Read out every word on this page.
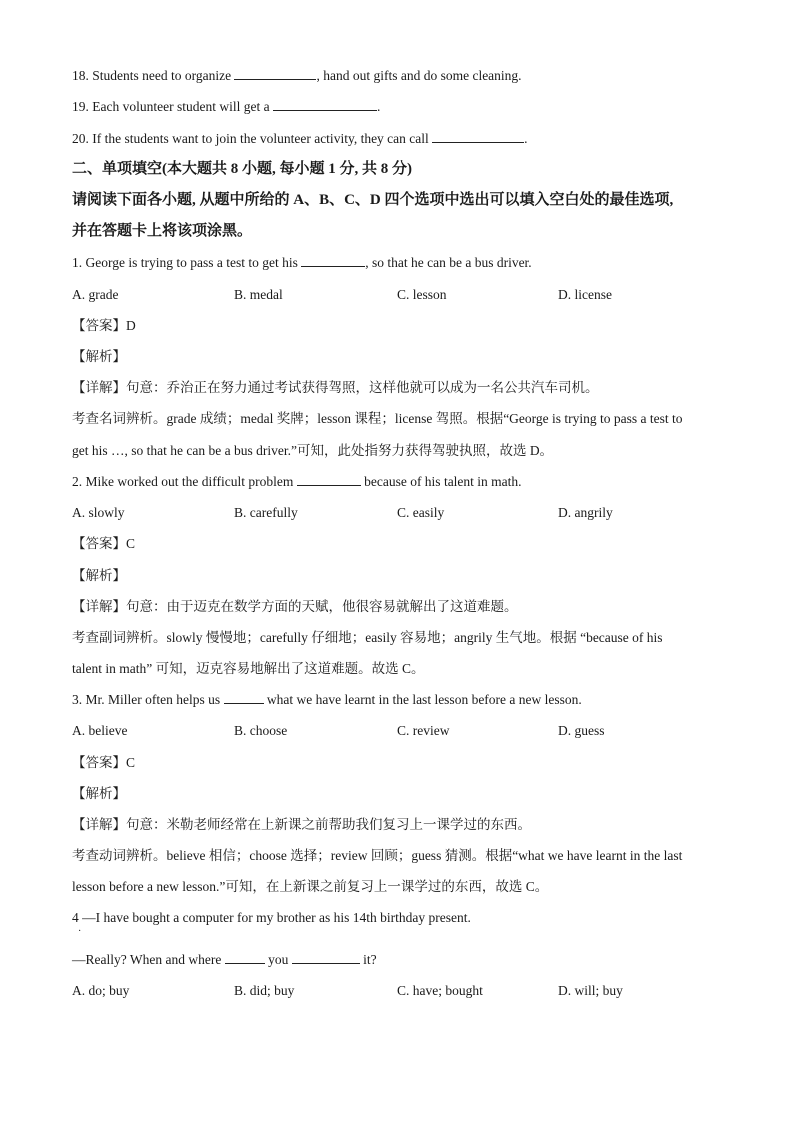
18. Students need to organize	, hand out gifts and do some cleaning.
19. Each volunteer student will get a	.
20. If the students want to join the volunteer activity, they can call	.
二、单项填空(本大题共 8 小题, 每小题 1 分, 共 8 分)
请阅读下面各小题, 从题中所给的 A、B、C、D 四个选项中选出可以填入空白处的最佳选项,
并在答题卡上将该项涂黑。
1. George is trying to pass a test to get his	, so that he can be a bus driver.
A. grade	B. medal	C. lesson	D. license
【答案】D
【解析】
【详解】句意：乔治正在努力通过考试获得驾照，这样他就可以成为一名公共汽车司机。
考查名词辨析。grade 成绩；medal 奖牌；lesson 课程；license 驾照。根据“George is trying to pass a test to
get his …, so that he can be a bus driver.”可知，此处指努力获得驾驶执照，故选 D。
2. Mike worked out the difficult problem	because of his talent in math.
A. slowly	B. carefully	C. easily	D. angrily
【答案】C
【解析】
【详解】句意：由于迈克在数学方面的天赋，他很容易就解出了这道难题。
考查副词辨析。slowly 慢慢地；carefully 仔细地；easily 容易地；angrily 生气地。根据 “because of his
talent in math” 可知，迈克容易地解出了这道难题。故选 C。
3. Mr. Miller often helps us	what we have learnt in the last lesson before a new lesson.
A. believe	B. choose	C. review	D. guess
【答案】C
【解析】
【详解】句意：米勒老师经常在上新课之前帮助我们复习上一课学过的东西。
考查动词辨析。believe 相信；choose 选择；review 回顾；guess 猜测。根据“what we have learnt in the last
lesson before a new lesson.”可知，在上新课之前复习上一课学过的东西，故选 C。
4 —I have bought a computer for my brother as his 14th birthday present.
·
—Really? When and where	you	it?
A. do; buy	B. did; buy	C. have; bought	D. will; buy
